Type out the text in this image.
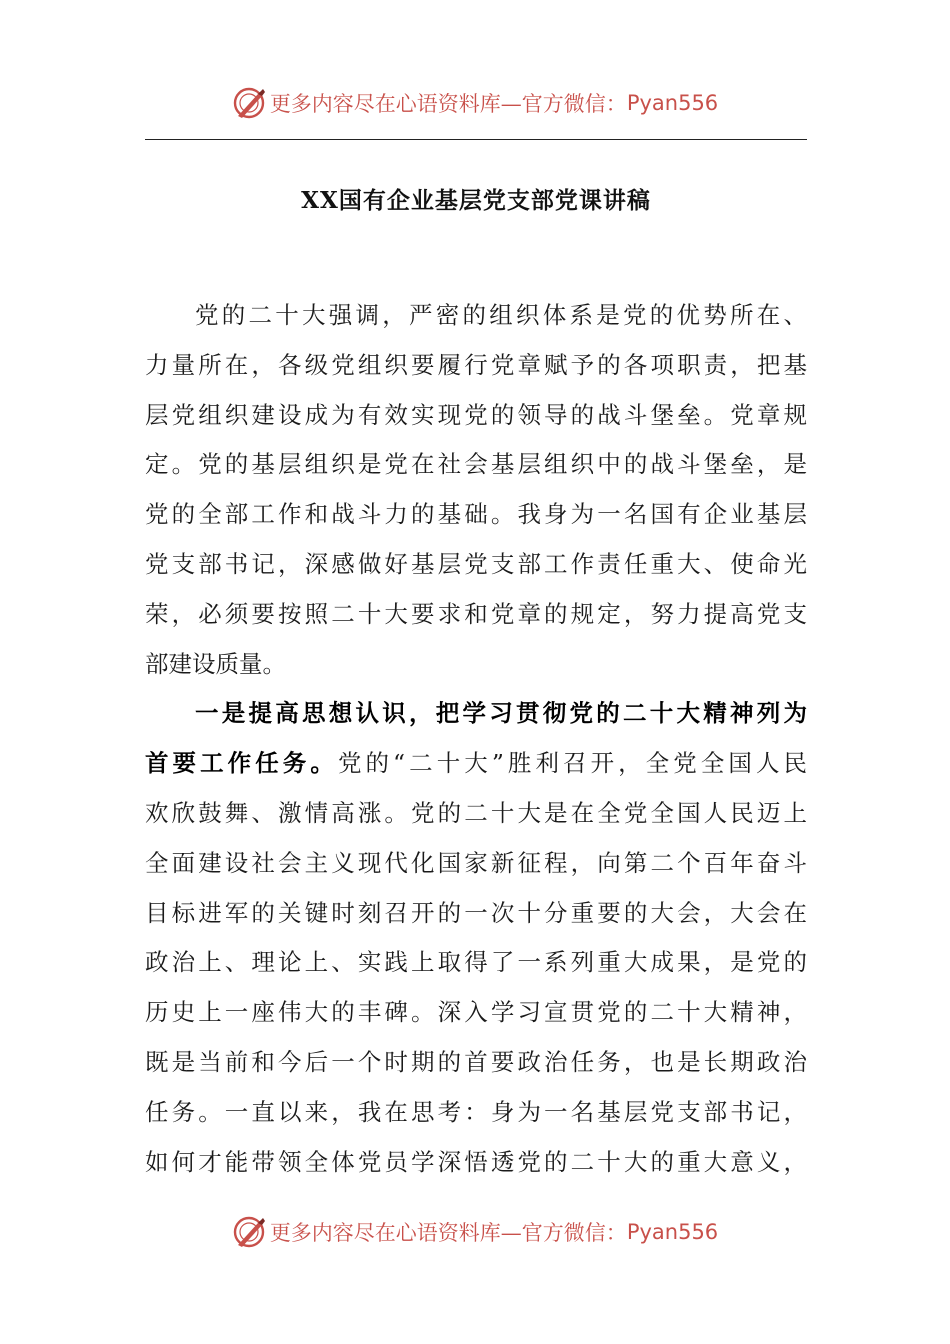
更多内容尽在心语资料库—官方微信： Pyan556
XX国有企业基层党支部党课讲稿
党的二十大强调，严密的组织体系是党的优势所在、
力量所在，各级党组织要履行党章赋予的各项职责，把基
层党组织建设成为有效实现党的领导的战斗堡垒。党章规
定。党的基层组织是党在社会基层组织中的战斗堡垒，是
党的全部工作和战斗力的基础。我身为一名国有企业基层
党支部书记，深感做好基层党支部工作责任重大、使命光
荣，必须要按照二十大要求和党章的规定，努力提高党支
部建设质量。
一是提高思想认识，把学习贯彻党的二十大精神列为
首要工作任务。党的“二十大”胜利召开，全党全国人民
欢欣鼓舞、激情高涨。党的二十大是在全党全国人民迈上
全面建设社会主义现代化国家新征程，向第二个百年奋斗
目标进军的关键时刻召开的一次十分重要的大会，大会在
政治上、理论上、实践上取得了一系列重大成果，是党的
历史上一座伟大的丰碑。深入学习宣贯党的二十大精神，
既是当前和今后一个时期的首要政治任务，也是长期政治
任务。一直以来，我在思考：身为一名基层党支部书记，
如何才能带领全体党员学深悟透党的二十大的重大意义，
更多内容尽在心语资料库—官方微信： Pyan556
